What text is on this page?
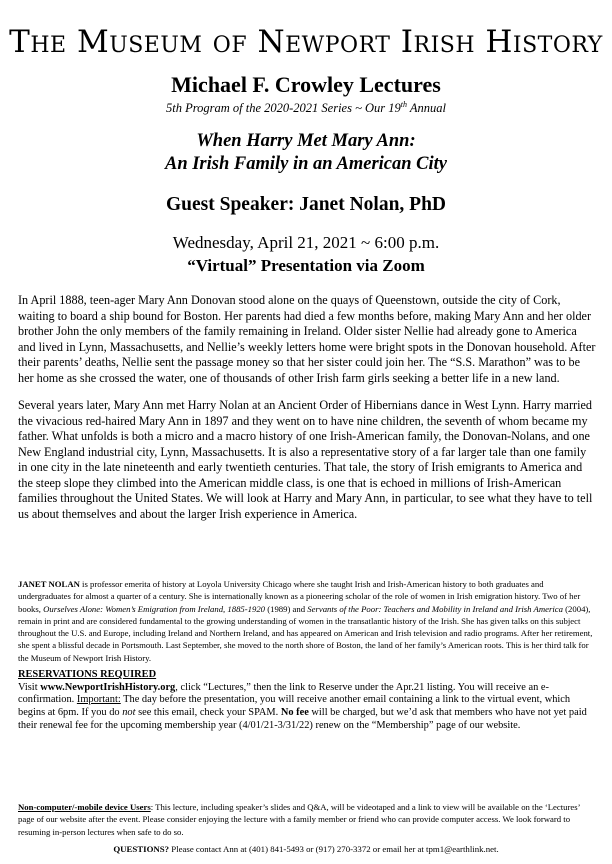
The Museum of Newport Irish History
Michael F. Crowley Lectures
5th Program of the 2020-2021 Series ~ Our 19th Annual
When Harry Met Mary Ann:
An Irish Family in an American City
Guest Speaker: Janet Nolan, PhD
Wednesday, April 21, 2021 ~ 6:00 p.m.
“Virtual” Presentation via Zoom

In April 1888, teen-ager Mary Ann Donovan stood alone on the quays of Queenstown, outside the city of Cork, waiting to board a ship bound for Boston. Her parents had died a few months before, making Mary Ann and her older brother John the only members of the family remaining in Ireland. Older sister Nellie had already gone to America and lived in Lynn, Massachusetts, and Nellie’s weekly letters home were bright spots in the Donovan household. After their parents’ deaths, Nellie sent the passage money so that her sister could join her. The “S.S. Marathon” was to be her home as she crossed the water, one of thousands of other Irish farm girls seeking a better life in a new land.

Several years later, Mary Ann met Harry Nolan at an Ancient Order of Hibernians dance in West Lynn. Harry married the vivacious red-haired Mary Ann in 1897 and they went on to have nine children, the seventh of whom became my father. What unfolds is both a micro and a macro history of one Irish-American family, the Donovan-Nolans, and one New England industrial city, Lynn, Massachusetts. It is also a representative story of a far larger tale than one family in one city in the late nineteenth and early twentieth centuries. That tale, the story of Irish emigrants to America and the steep slope they climbed into the American middle class, is one that is echoed in millions of Irish-American families throughout the United States. We will look at Harry and Mary Ann, in particular, to see what they have to tell us about themselves and about the larger Irish experience in America.

JANET NOLAN is professor emerita of history at Loyola University Chicago where she taught Irish and Irish-American history to both graduates and undergraduates for almost a quarter of a century. She is internationally known as a pioneering scholar of the role of women in Irish emigration history. Two of her books, Ourselves Alone: Women’s Emigration from Ireland, 1885-1920 (1989) and Servants of the Poor: Teachers and Mobility in Ireland and Irish America (2004), remain in print and are considered fundamental to the growing understanding of women in the transatlantic history of the Irish. She has given talks on this subject throughout the U.S. and Europe, including Ireland and Northern Ireland, and has appeared on American and Irish television and radio programs. After her retirement, she spent a blissful decade in Portsmouth. Last September, she moved to the north shore of Boston, the land of her family’s American roots. This is her third talk for the Museum of Newport Irish History.

RESERVATIONS REQUIRED
Visit www.NewportIrishHistory.org, click “Lectures,” then the link to Reserve under the Apr.21 listing. You will receive an e-confirmation. Important: The day before the presentation, you will receive another email containing a link to the virtual event, which begins at 6pm. If you do not see this email, check your SPAM. No fee will be charged, but we’d ask that members who have not yet paid their renewal fee for the upcoming membership year (4/01/21-3/31/22) renew on the “Membership” page of our website.

Non-computer/-mobile device Users: This lecture, including speaker’s slides and Q&A, will be videotaped and a link to view will be available on the ‘Lectures’ page of our website after the event. Please consider enjoying the lecture with a family member or friend who can provide computer access. We look forward to resuming in-person lectures when safe to do so.

QUESTIONS? Please contact Ann at (401) 841-5493 or (917) 270-3372 or email her at tpm1@earthlink.net.
